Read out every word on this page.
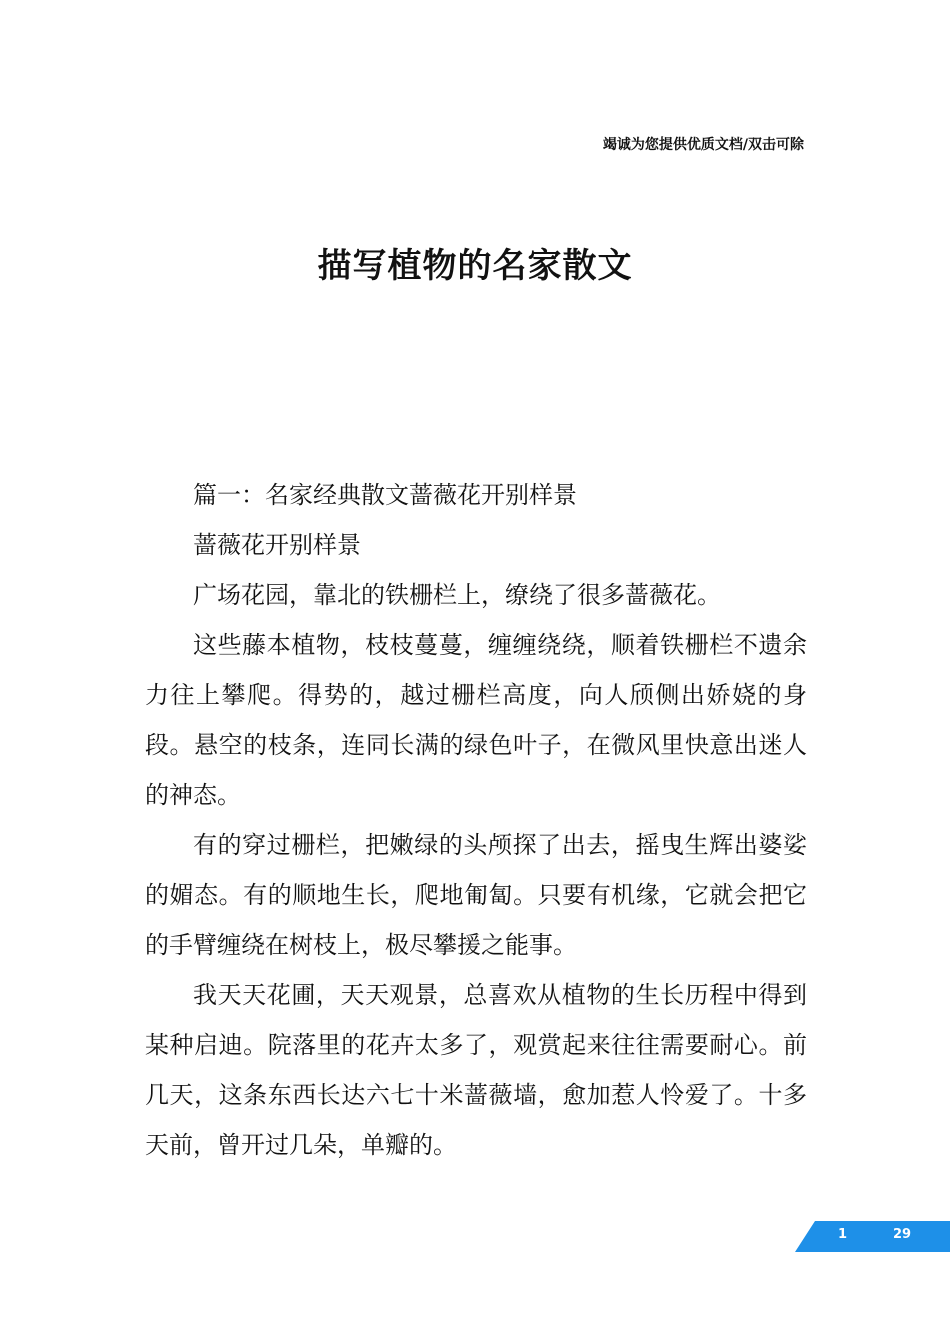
竭诚为您提供优质文档/双击可除
描写植物的名家散文

篇一：名家经典散文蔷薇花开别样景

蔷薇花开别样景

广场花园，靠北的铁栅栏上，缭绕了很多蔷薇花。

这些藤本植物，枝枝蔓蔓，缠缠绕绕，顺着铁栅栏不遗余力往上攀爬。得势的，越过栅栏高度，向人颀侧出娇娆的身段。悬空的枝条，连同长满的绿色叶子，在微风里快意出迷人的神态。

有的穿过栅栏，把嫩绿的头颅探了出去，摇曳生辉出婆娑的媚态。有的顺地生长，爬地匍匐。只要有机缘，它就会把它的手臂缠绕在树枝上，极尽攀援之能事。

我天天花圃，天天观景，总喜欢从植物的生长历程中得到某种启迪。院落里的花卉太多了，观赏起来往往需要耐心。前几天，这条东西长达六七十米蔷薇墙，愈加惹人怜爱了。十多天前，曾开过几朵，单瓣的。

1	29
